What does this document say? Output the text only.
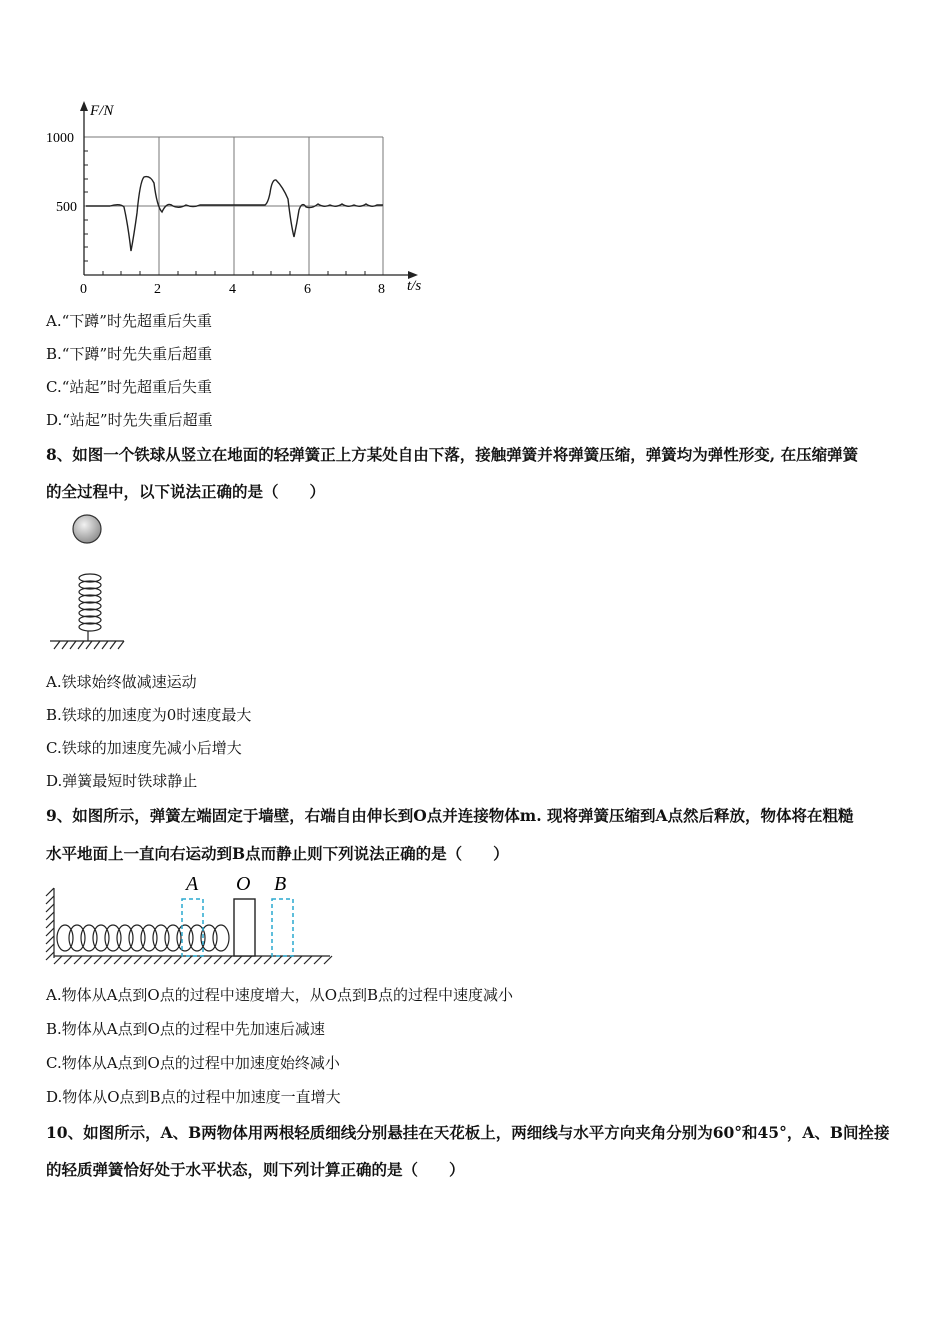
F/N
t/s
1000
500
0	2	4	6	8
A.“下蹲”时先超重后失重
B.“下蹲”时先失重后超重
C.“站起”时先超重后失重
D.“站起”时先失重后超重
8、如图一个铁球从竖立在地面的轻弹簧正上方某处自由下落，接触弹簧并将弹簧压缩，弹簧均为弹性形变, 在压缩弹簧
的全过程中，以下说法正确的是（　　）
A.铁球始终做减速运动
B.铁球的加速度为0时速度最大
C.铁球的加速度先减小后增大
D.弹簧最短时铁球静止
9、如图所示，弹簧左端固定于墙壁，右端自由伸长到O点并连接物体m. 现将弹簧压缩到A点然后释放，物体将在粗糙
水平地面上一直向右运动到B点而静止则下列说法正确的是（　　）
A O B
A.物体从A点到O点的过程中速度增大，从O点到B点的过程中速度减小
B.物体从A点到O点的过程中先加速后减速
C.物体从A点到O点的过程中加速度始终减小
D.物体从O点到B点的过程中加速度一直增大
10、如图所示，A、B两物体用两根轻质细线分别悬挂在天花板上，两细线与水平方向夹角分别为60°和45°，A、B间拴接
的轻质弹簧恰好处于水平状态，则下列计算正确的是（　　）
